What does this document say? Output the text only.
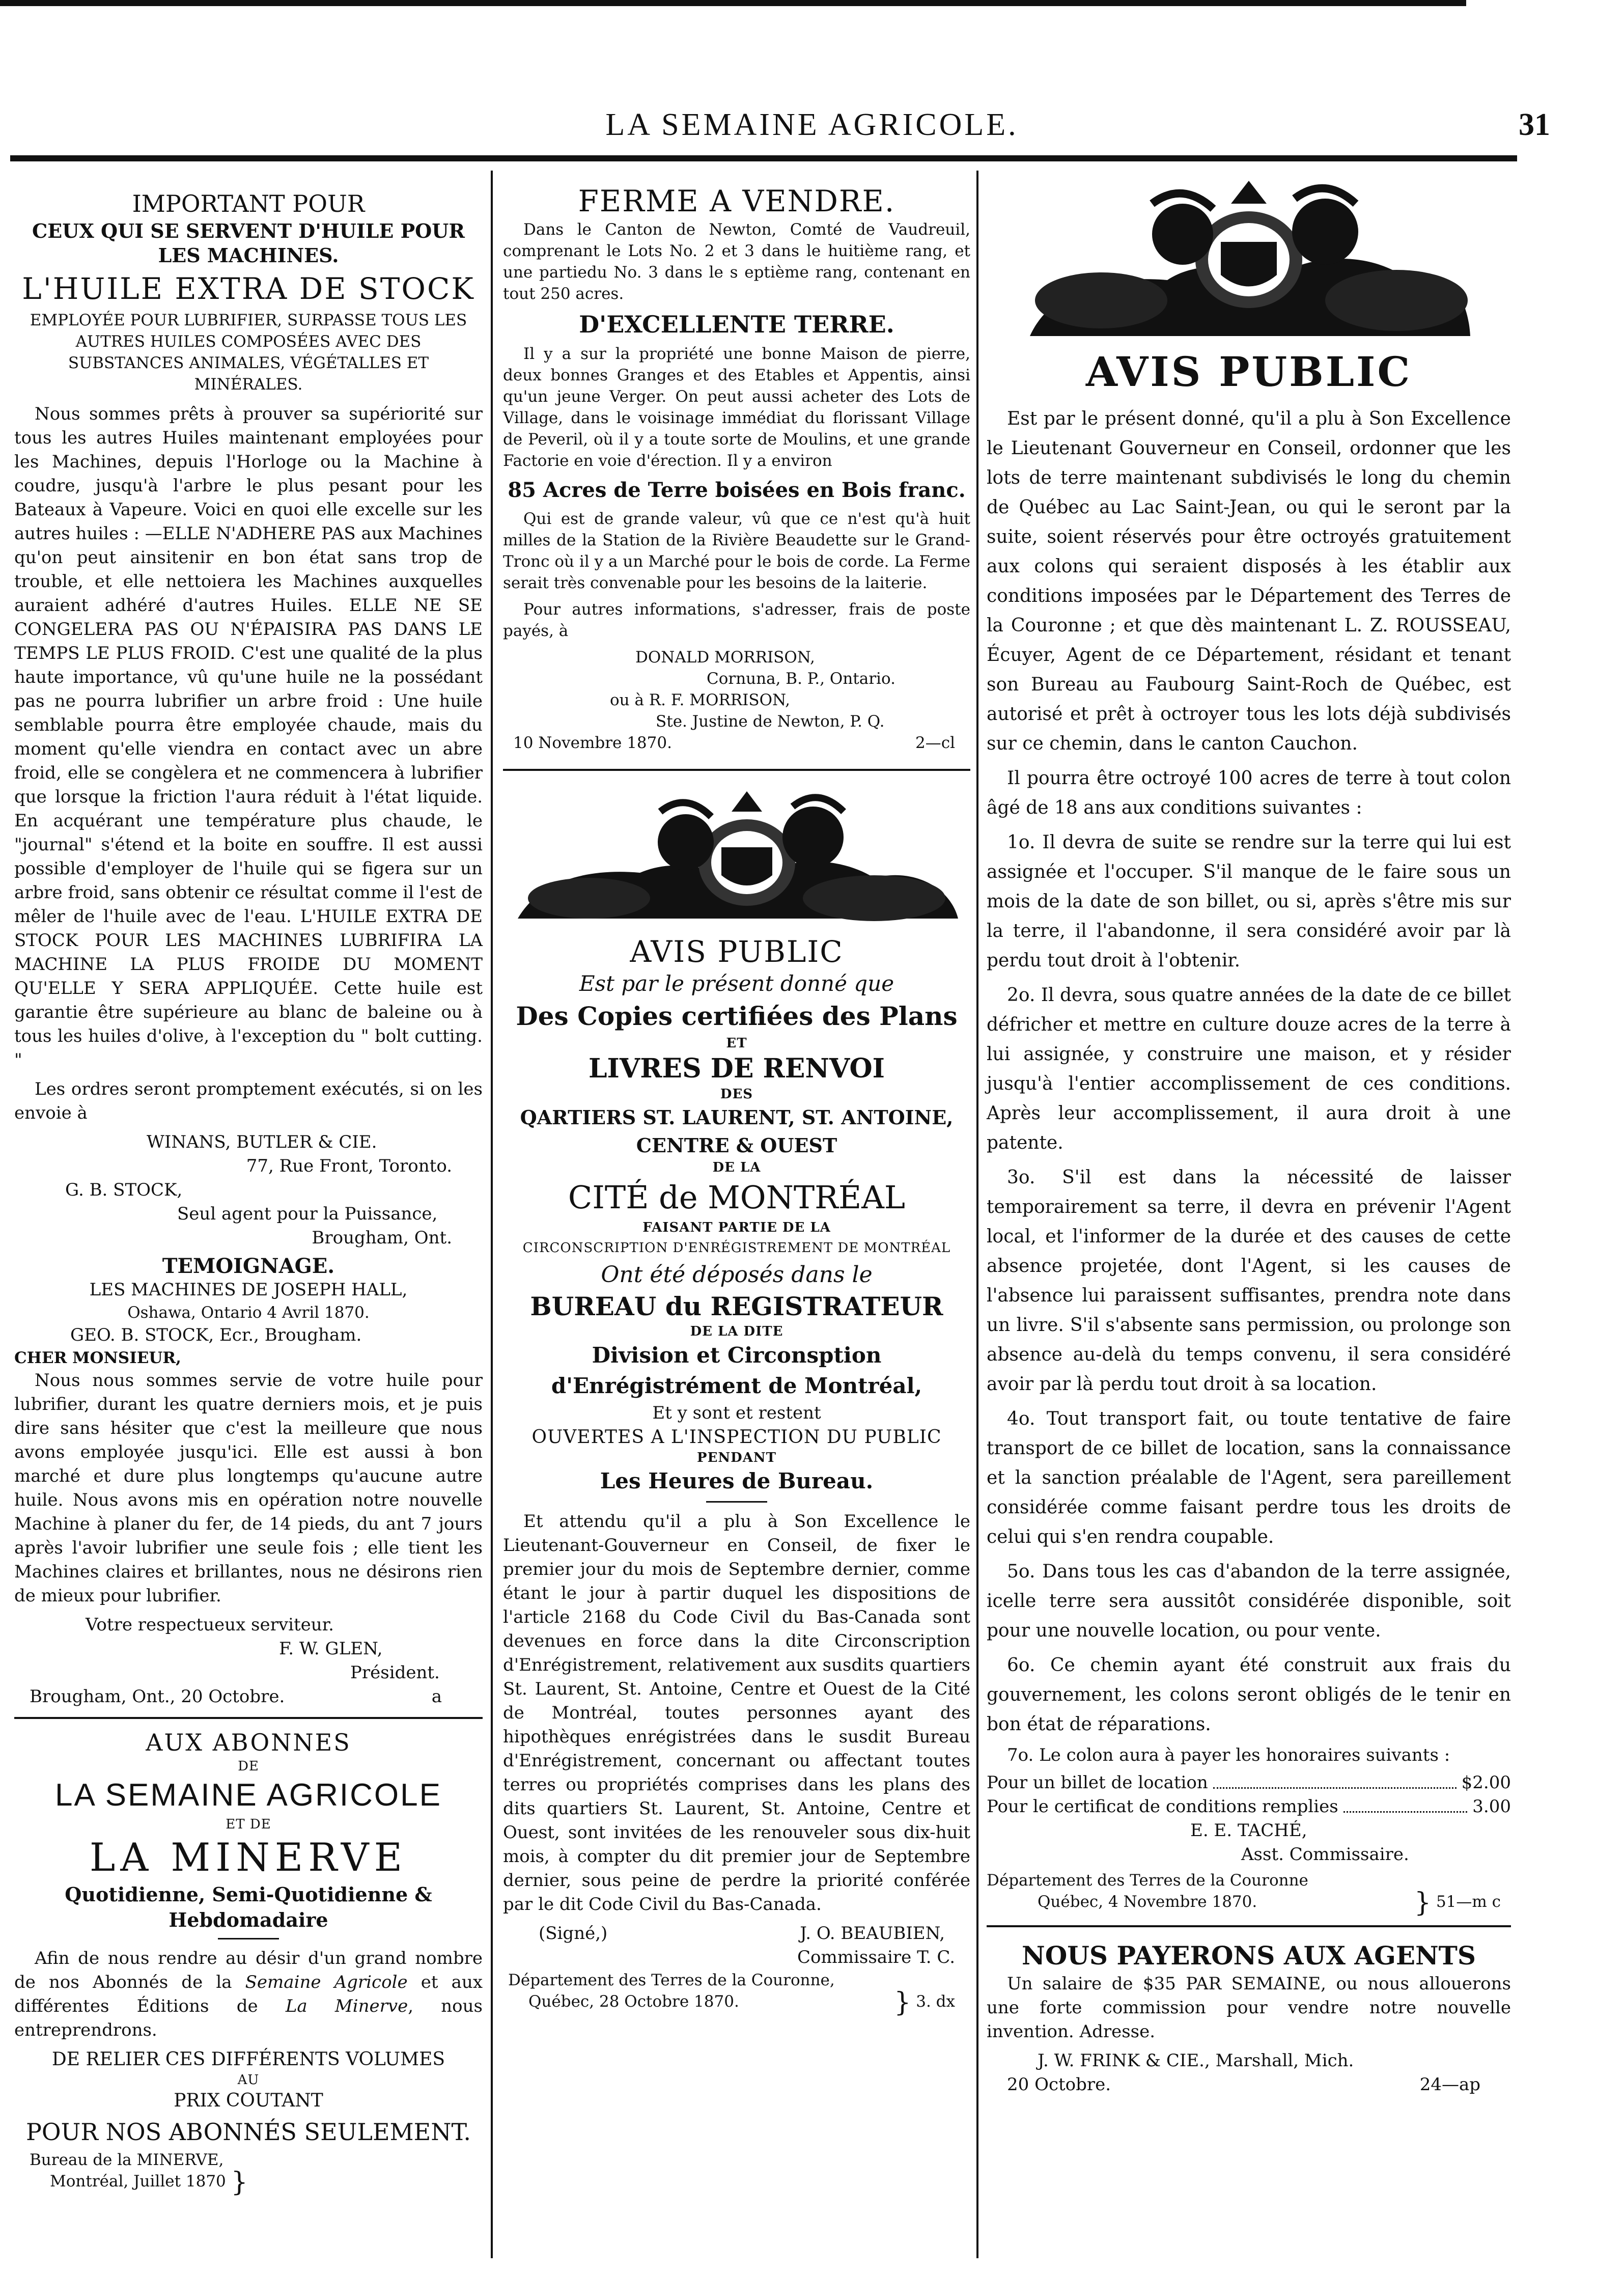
LA SEMAINE AGRICOLE.	31
IMPORTANT POUR
CEUX QUI SE SERVENT D'HUILE POUR LES MACHINES.
L'HUILE EXTRA DE STOCK
EMPLOYÉE POUR LUBRIFIER, SURPASSE TOUS LES AUTRES HUILES COMPOSÉES AVEC DES SUBSTANCES ANIMALES, VÉGÉTALLES ET MINÉRALES.

Nous sommes prêts à prouver sa supériorité sur tous les autres Huiles maintenant employées pour les Machines, depuis l'Horloge ou la Machine à coudre, jusqu'à l'arbre le plus pesant pour les Bateaux à Vapeure. Voici en quoi elle excelle sur les autres huiles : —ELLE N'ADHERE PAS aux Machines qu'on peut ainsitenir en bon état sans trop de trouble, et elle nettoiera les Machines auxquelles auraient adhéré d'autres Huiles. ELLE NE SE CONGELERA PAS OU N'ÉPAISIRA PAS DANS LE TEMPS LE PLUS FROID. C'est une qualité de la plus haute importance, vû qu'une huile ne la possédant pas ne pourra lubrifier un arbre froid : Une huile semblable pourra être employée chaude, mais du moment qu'elle viendra en contact avec un abre froid, elle se congèlera et ne commencera à lubrifier que lorsque la friction l'aura réduit à l'état liquide. En acquérant une température plus chaude, le "journal" s'étend et la boite en souffre. Il est aussi possible d'employer de l'huile qui se figera sur un arbre froid, sans obtenir ce résultat comme il l'est de mêler de l'huile avec de l'eau. L'HUILE EXTRA DE STOCK POUR LES MACHINES LUBRIFIRA LA MACHINE LA PLUS FROIDE DU MOMENT QU'ELLE Y SERA APPLIQUÉE. Cette huile est garantie être supérieure au blanc de baleine ou à tous les huiles d'olive, à l'exception du " bolt cutting. "

Les ordres seront promptement exécutés, si on les envoie à

WINANS, BUTLER & CIE.
77, Rue Front, Toronto.
G. B. STOCK,
Seul agent pour la Puissance,
Brougham, Ont.
TEMOIGNAGE.
LES MACHINES DE JOSEPH HALL,
Oshawa, Ontario 4 Avril 1870.
GEO. B. STOCK, Ecr., Brougham.
CHER MONSIEUR,

Nous nous sommes servie de votre huile pour lubrifier, durant les quatre derniers mois, et je puis dire sans hésiter que c'est la meilleure que nous avons employée jusqu'ici. Elle est aussi à bon marché et dure plus longtemps qu'aucune autre huile. Nous avons mis en opération notre nouvelle Machine à planer du fer, de 14 pieds, du ant 7 jours après l'avoir lubrifier une seule fois ; elle tient les Machines claires et brillantes, nous ne désirons rien de mieux pour lubrifier.

Votre respectueux serviteur.
F. W. GLEN,
Président.
Brougham, Ont., 20 Octobre.	a
AUX ABONNES
DE
LA SEMAINE AGRICOLE
ET DE
LA MINERVE
Quotidienne, Semi-Quotidienne & Hebdomadaire

Afin de nous rendre au désir d'un grand nombre de nos Abonnés de la Semaine Agricole et aux différentes Éditions de La Minerve, nous entreprendrons.

DE RELIER CES DIFFÉRENTS VOLUMES
AU
PRIX COUTANT
POUR NOS ABONNÉS SEULEMENT.
Bureau de la MINERVE,
Montréal, Juillet 1870 }
FERME A VENDRE.

Dans le Canton de Newton, Comté de Vaudreuil, comprenant le Lots No. 2 et 3 dans le huitième rang, et une partiedu No. 3 dans le s eptième rang, contenant en tout 250 acres.

D'EXCELLENTE TERRE.

Il y a sur la propriété une bonne Maison de pierre, deux bonnes Granges et des Etables et Appentis, ainsi qu'un jeune Verger. On peut aussi acheter des Lots de Village, dans le voisinage immédiat du florissant Village de Peveril, où il y a toute sorte de Moulins, et une grande Factorie en voie d'érection. Il y a environ

85 Acres de Terre boisées en Bois franc.

Qui est de grande valeur, vû que ce n'est qu'à huit milles de la Station de la Rivière Beaudette sur le Grand-Tronc où il y a un Marché pour le bois de corde. La Ferme serait très convenable pour les besoins de la laiterie.

Pour autres informations, s'adresser, frais de poste payés, à

DONALD MORRISON,
Cornuna, B. P., Ontario.
ou à R. F. MORRISON,
Ste. Justine de Newton, P. Q.
10 Novembre 1870.	2—cl
AVIS PUBLIC
Est par le présent donné que
Des Copies certifiées des Plans
ET
LIVRES DE RENVOI
DES
QARTIERS ST. LAURENT, ST. ANTOINE,
CENTRE & OUEST
DE LA
CITÉ de MONTRÉAL
FAISANT PARTIE DE LA
CIRCONSCRIPTION D'ENRÉGISTREMENT DE MONTRÉAL
Ont été déposés dans le
BUREAU du REGISTRATEUR
DE LA DITE
Division et Circonsption d'Enrégistrément de Montréal,
Et y sont et restent
OUVERTES A L'INSPECTION DU PUBLIC
PENDANT
Les Heures de Bureau.

Et attendu qu'il a plu à Son Excellence le Lieutenant-Gouverneur en Conseil, de fixer le premier jour du mois de Septembre dernier, comme étant le jour à partir duquel les dispositions de l'article 2168 du Code Civil du Bas-Canada sont devenues en force dans la dite Circonscription d'Enrégistrement, relativement aux susdits quartiers St. Laurent, St. Antoine, Centre et Ouest de la Cité de Montréal, toutes personnes ayant des hipothèques enrégistrées dans le susdit Bureau d'Enrégistrement, concernant ou affectant toutes terres ou propriétés comprises dans les plans des dits quartiers St. Laurent, St. Antoine, Centre et Ouest, sont invitées de les renouveler sous dix-huit mois, à compter du dit premier jour de Septembre dernier, sous peine de perdre la priorité conférée par le dit Code Civil du Bas-Canada.

(Signé,)	J. O. BEAUBIEN,
Commissaire T. C.
Département des Terres de la Couronne,
Québec, 28 Octobre 1870.	} 3. dx
AVIS PUBLIC

Est par le présent donné, qu'il a plu à Son Excellence le Lieutenant Gouverneur en Conseil, ordonner que les lots de terre maintenant subdivisés le long du chemin de Québec au Lac Saint-Jean, ou qui le seront par la suite, soient réservés pour être octroyés gratuitement aux colons qui seraient disposés à les établir aux conditions imposées par le Département des Terres de la Couronne ; et que dès maintenant L. Z. ROUSSEAU, Écuyer, Agent de ce Département, résidant et tenant son Bureau au Faubourg Saint-Roch de Québec, est autorisé et prêt à octroyer tous les lots déjà subdivisés sur ce chemin, dans le canton Cauchon.

Il pourra être octroyé 100 acres de terre à tout colon âgé de 18 ans aux conditions suivantes :

1o. Il devra de suite se rendre sur la terre qui lui est assignée et l'occuper. S'il manque de le faire sous un mois de la date de son billet, ou si, après s'être mis sur la terre, il l'abandonne, il sera considéré avoir par là perdu tout droit à l'obtenir.

2o. Il devra, sous quatre années de la date de ce billet défricher et mettre en culture douze acres de la terre à lui assignée, y construire une maison, et y résider jusqu'à l'entier accomplissement de ces conditions. Après leur accomplissement, il aura droit à une patente.

3o. S'il est dans la nécessité de laisser temporairement sa terre, il devra en prévenir l'Agent local, et l'informer de la durée et des causes de cette absence projetée, dont l'Agent, si les causes de l'absence lui paraissent suffisantes, prendra note dans un livre. S'il s'absente sans permission, ou prolonge son absence au-delà du temps convenu, il sera considéré avoir par là perdu tout droit à sa location.

4o. Tout transport fait, ou toute tentative de faire transport de ce billet de location, sans la connaissance et la sanction préalable de l'Agent, sera pareillement considérée comme faisant perdre tous les droits de celui qui s'en rendra coupable.

5o. Dans tous les cas d'abandon de la terre assignée, icelle terre sera aussitôt considérée disponible, soit pour une nouvelle location, ou pour vente.

6o. Ce chemin ayant été construit aux frais du gouvernement, les colons seront obligés de le tenir en bon état de réparations.

7o. Le colon aura à payer les honoraires suivants :

Pour un billet de location	$2.00
Pour le certificat de conditions remplies	3.00
E. E. TACHÉ,
Asst. Commissaire.
Département des Terres de la Couronne
Québec, 4 Novembre 1870.	} 51—m c
NOUS PAYERONS AUX AGENTS

Un salaire de $35 PAR SEMAINE, ou nous allouerons une forte commission pour vendre notre nouvelle invention. Adresse.

J. W. FRINK & CIE., Marshall, Mich.
20 Octobre.	24—ap
